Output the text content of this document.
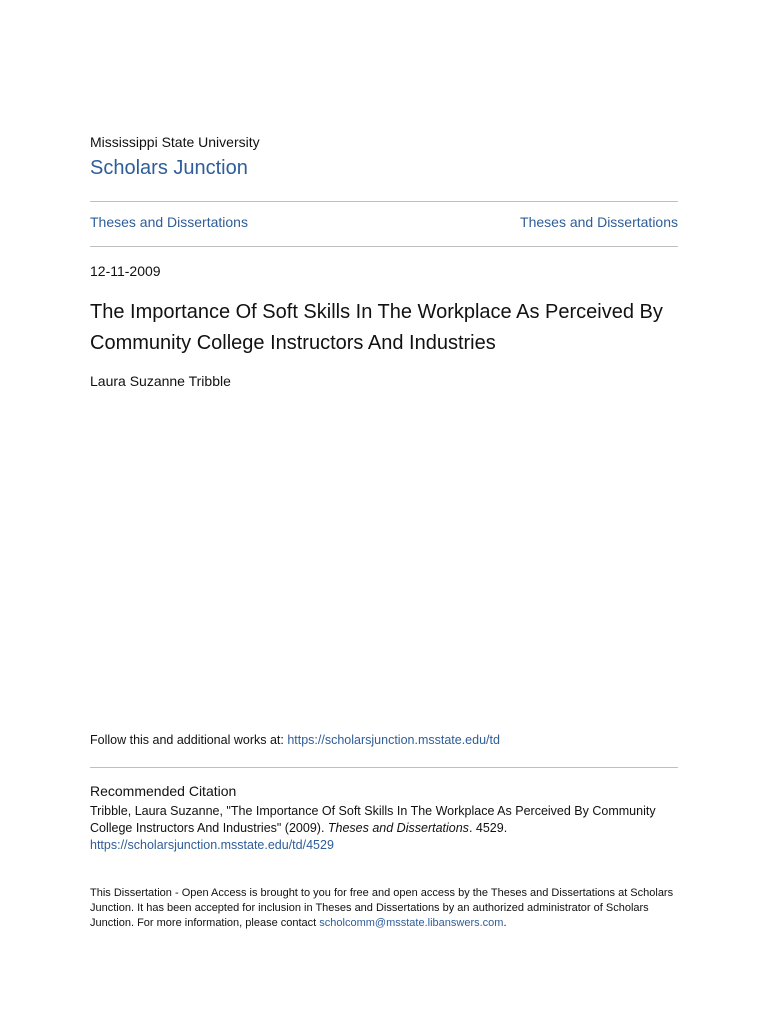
Mississippi State University
Scholars Junction
Theses and Dissertations	Theses and Dissertations
12-11-2009
The Importance Of Soft Skills In The Workplace As Perceived By
Community College Instructors And Industries
Laura Suzanne Tribble
Follow this and additional works at: https://scholarsjunction.msstate.edu/td
Recommended Citation
Tribble, Laura Suzanne, "The Importance Of Soft Skills In The Workplace As Perceived By Community College Instructors And Industries" (2009). Theses and Dissertations. 4529.
https://scholarsjunction.msstate.edu/td/4529
This Dissertation - Open Access is brought to you for free and open access by the Theses and Dissertations at Scholars Junction. It has been accepted for inclusion in Theses and Dissertations by an authorized administrator of Scholars Junction. For more information, please contact scholcomm@msstate.libanswers.com.
